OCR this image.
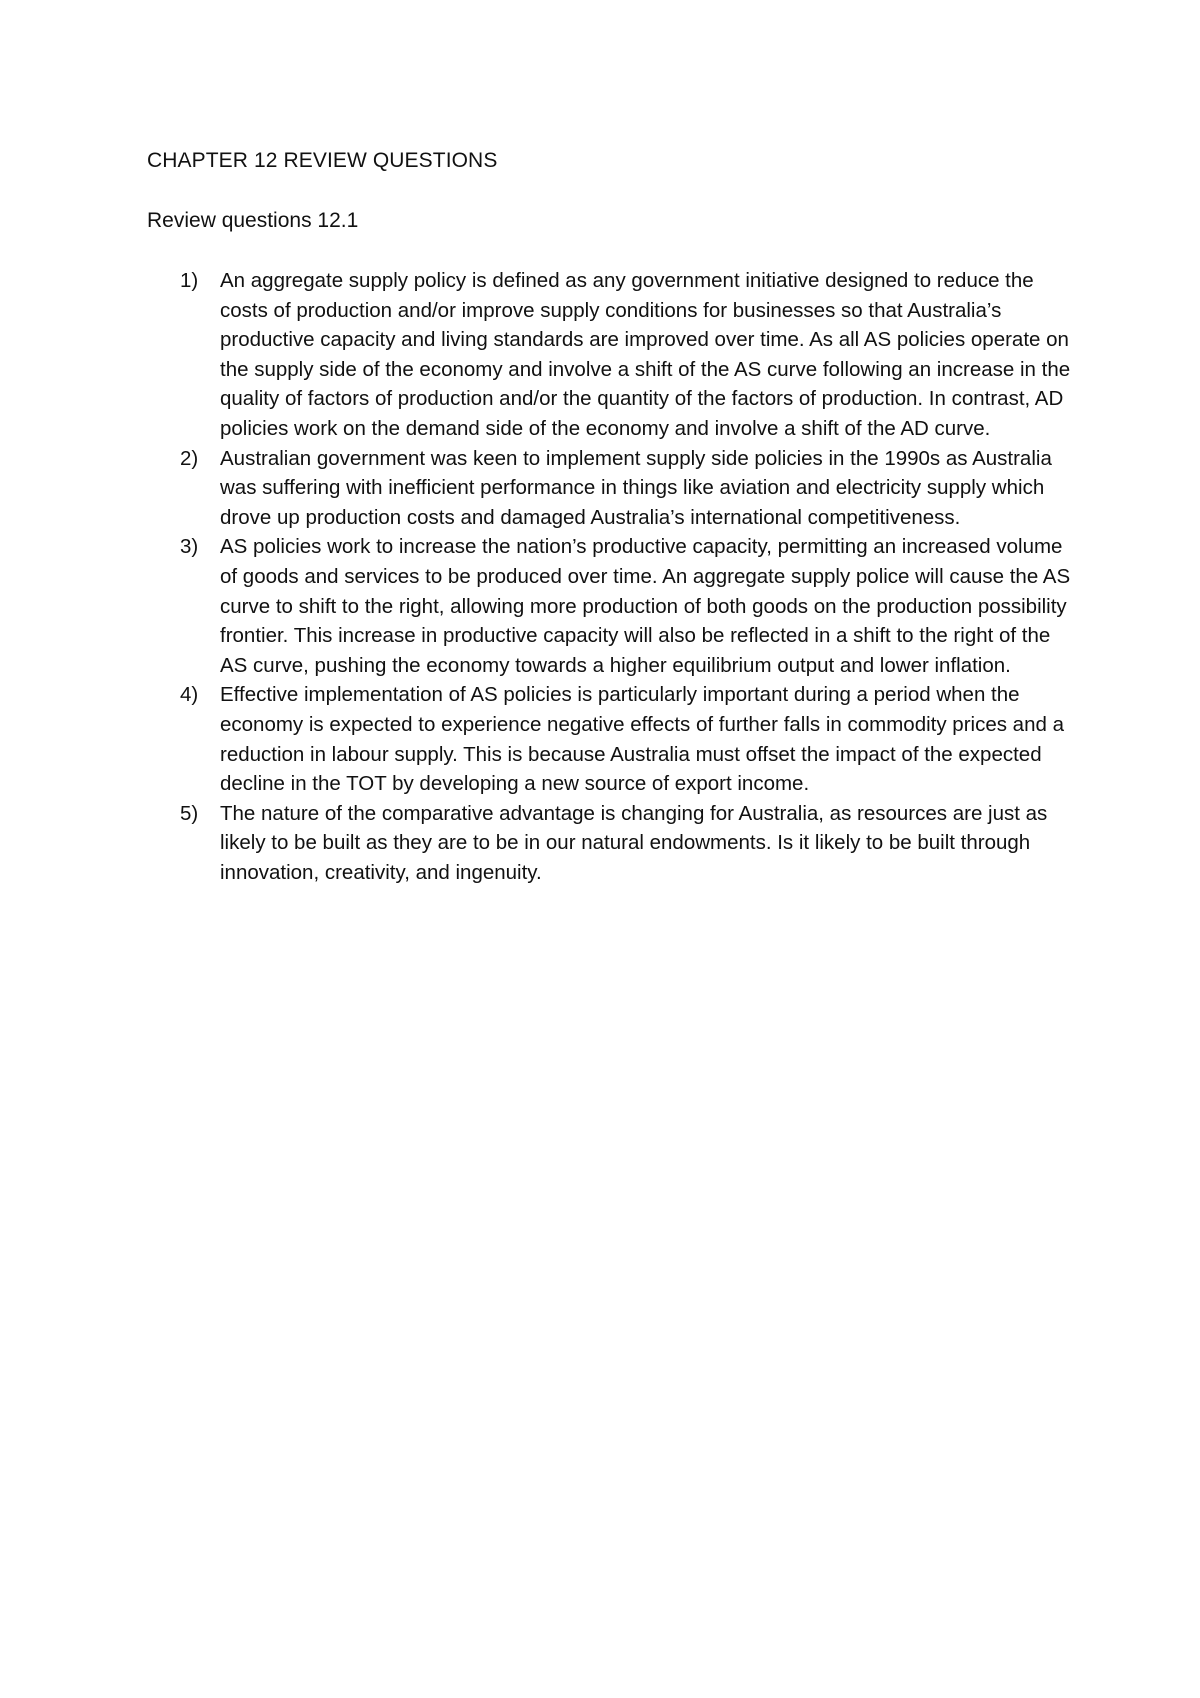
CHAPTER 12 REVIEW QUESTIONS
Review questions 12.1
1)	An aggregate supply policy is defined as any government initiative designed to reduce the costs of production and/or improve supply conditions for businesses so that Australia’s productive capacity and living standards are improved over time. As all AS policies operate on the supply side of the economy and involve a shift of the AS curve following an increase in the quality of factors of production and/or the quantity of the factors of production. In contrast, AD policies work on the demand side of the economy and involve a shift of the AD curve.
2)	Australian government was keen to implement supply side policies in the 1990s as Australia was suffering with inefficient performance in things like aviation and electricity supply which drove up production costs and damaged Australia’s international competitiveness.
3)	AS policies work to increase the nation’s productive capacity, permitting an increased volume of goods and services to be produced over time. An aggregate supply police will cause the AS curve to shift to the right, allowing more production of both goods on the production possibility frontier. This increase in productive capacity will also be reflected in a shift to the right of the AS curve, pushing the economy towards a higher equilibrium output and lower inflation.
4)	Effective implementation of AS policies is particularly important during a period when the economy is expected to experience negative effects of further falls in commodity prices and a reduction in labour supply. This is because Australia must offset the impact of the expected decline in the TOT by developing a new source of export income.
5)	The nature of the comparative advantage is changing for Australia, as resources are just as likely to be built as they are to be in our natural endowments. Is it likely to be built through innovation, creativity, and ingenuity.
